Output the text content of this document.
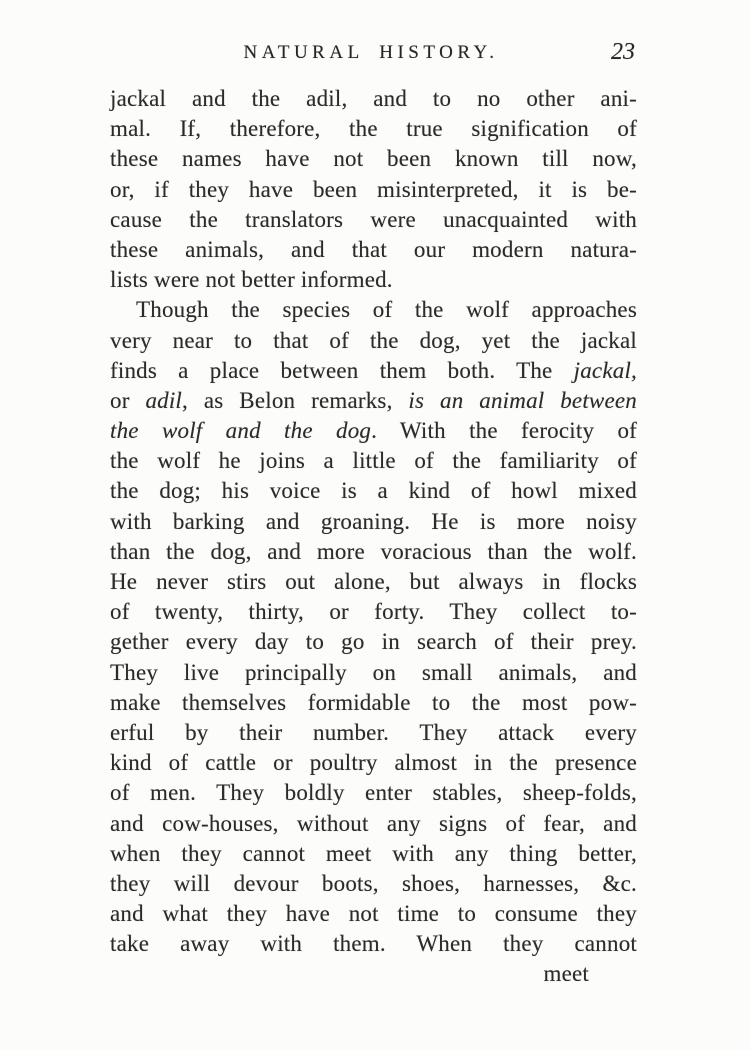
NATURAL HISTORY.	23
jackal and the adil, and to no other ani-
mal. If, therefore, the true signification of
these names have not been known till now,
or, if they have been misinterpreted, it is be-
cause the translators were unacquainted with
these animals, and that our modern natura-
lists were not better informed.
Though the species of the wolf approaches
very near to that of the dog, yet the jackal
finds a place between them both. The jackal,
or adil, as Belon remarks, is an animal between
the wolf and the dog. With the ferocity of
the wolf he joins a little of the familiarity of
the dog; his voice is a kind of howl mixed
with barking and groaning. He is more noisy
than the dog, and more voracious than the wolf.
He never stirs out alone, but always in flocks
of twenty, thirty, or forty. They collect to-
gether every day to go in search of their prey.
They live principally on small animals, and
make themselves formidable to the most pow-
erful by their number. They attack every
kind of cattle or poultry almost in the presence
of men. They boldly enter stables, sheep-folds,
and cow-houses, without any signs of fear, and
when they cannot meet with any thing better,
they will devour boots, shoes, harnesses, &c.
and what they have not time to consume they
take away with them. When they cannot
meet
